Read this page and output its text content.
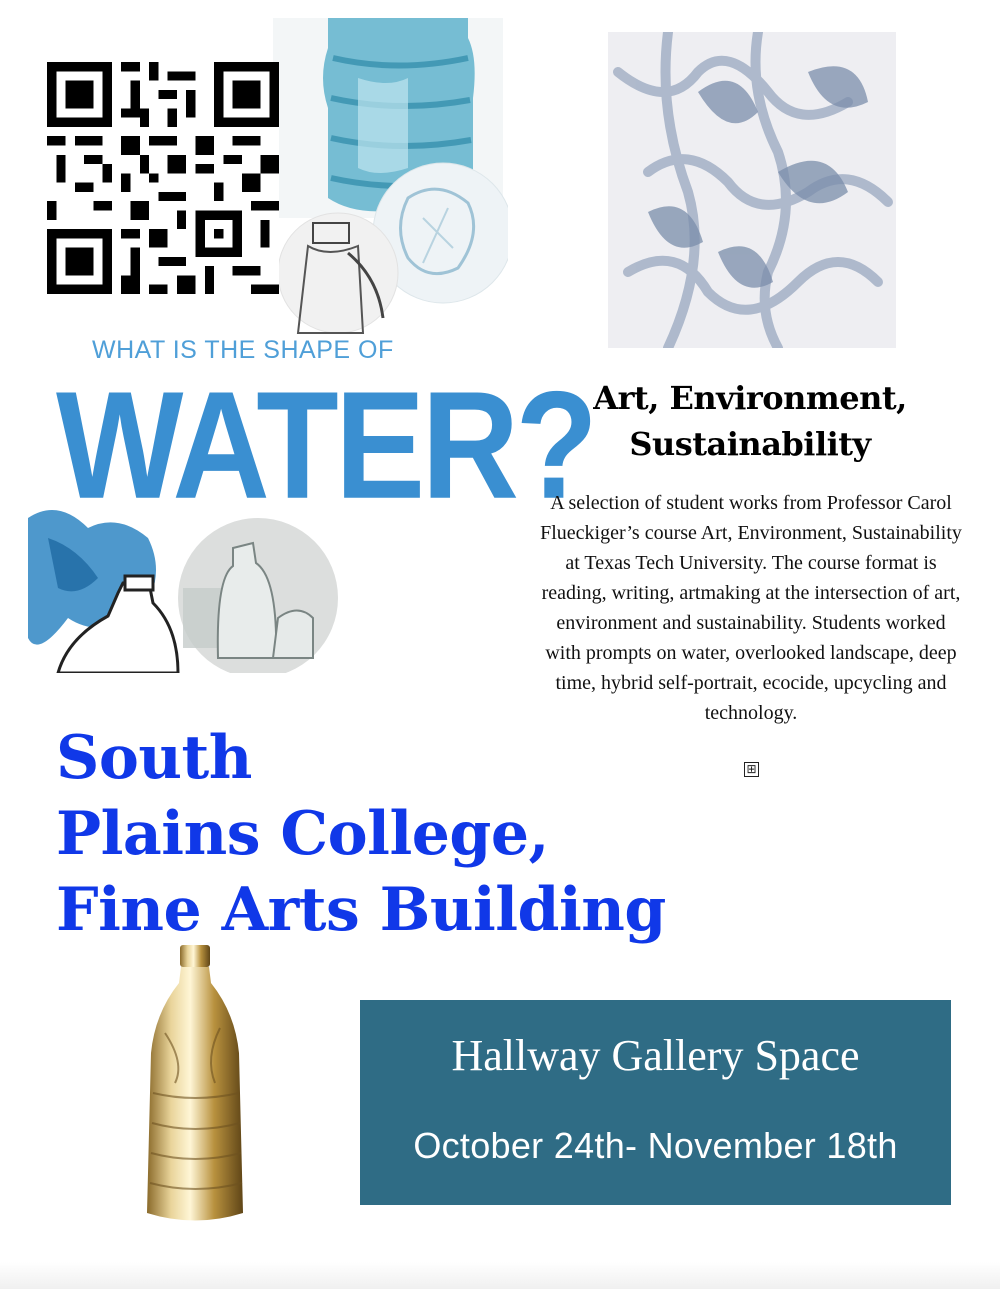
WHAT IS THE SHAPE OF
WATER?
Art, Environment,
Sustainability
A selection of student works from Professor Carol Flueckiger’s course Art, Environment, Sustainability at Texas Tech University. The course format is reading, writing, artmaking at the intersection of art, environment and sustainability. Students worked with prompts on water, overlooked landscape, deep time, hybrid self-portrait, ecocide, upcycling and technology.
⊞
South
Plains College,
Fine Arts Building
Hallway Gallery Space
October 24th- November 18th
